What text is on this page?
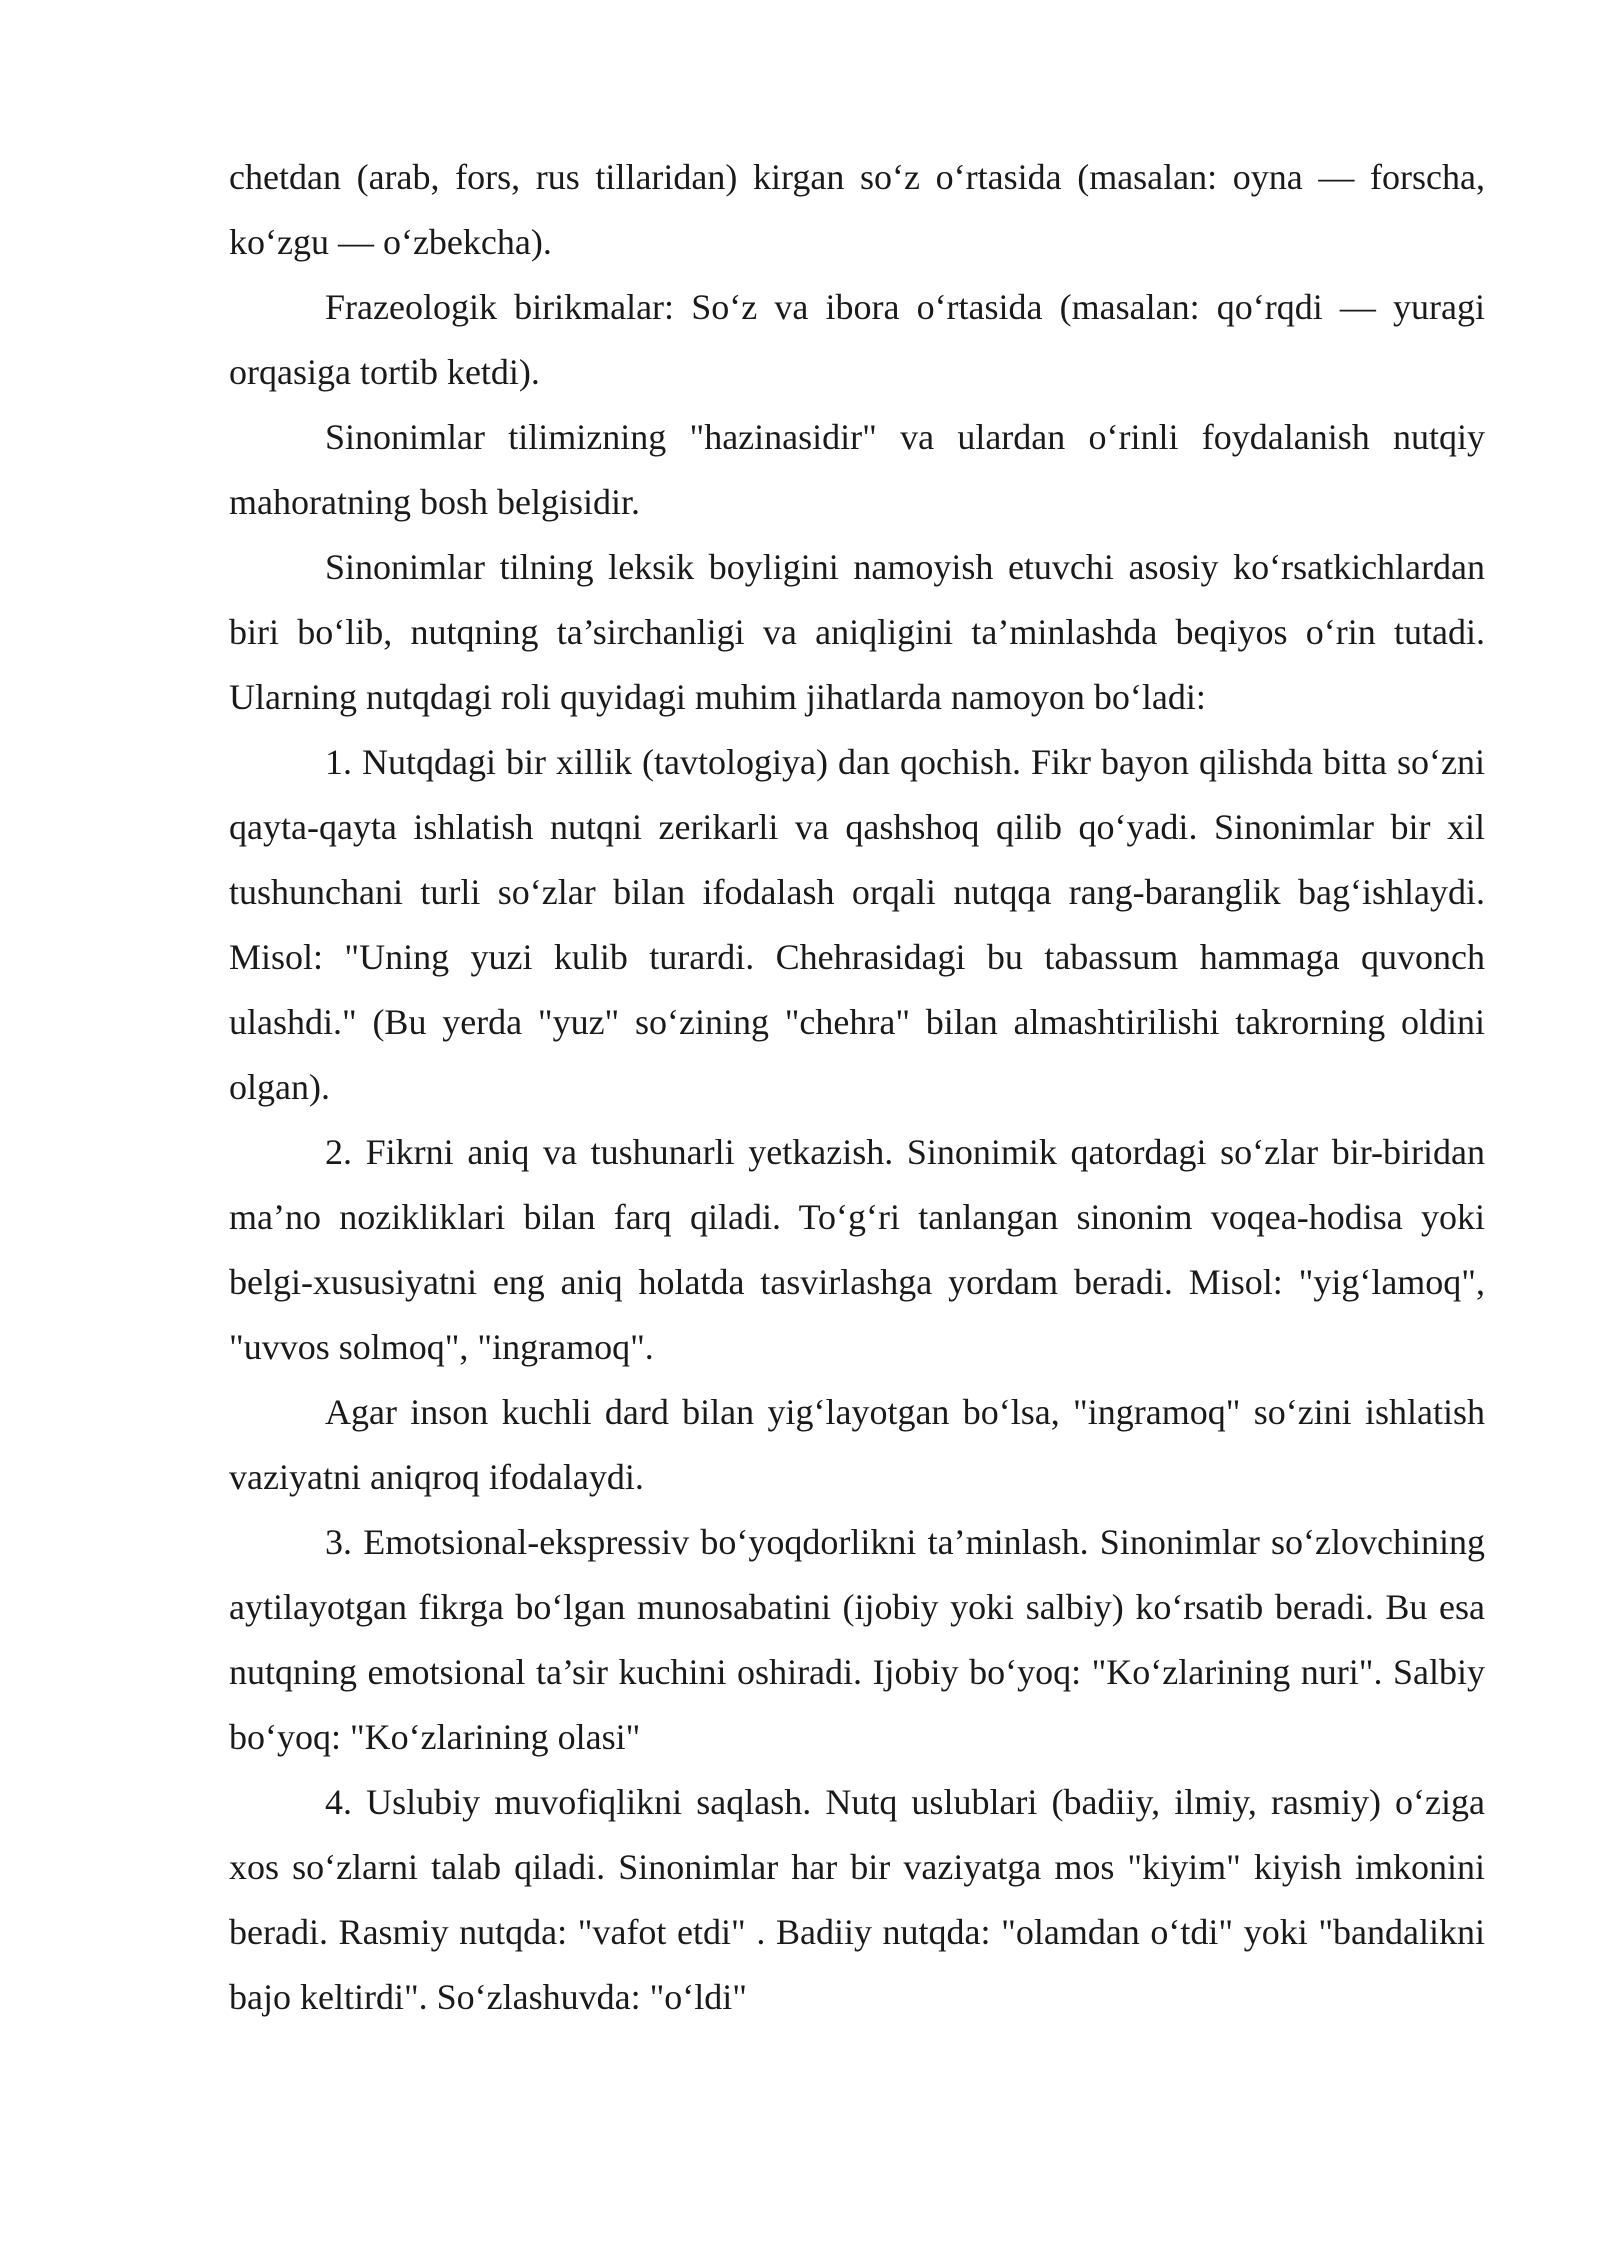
chetdan (arab, fors, rus tillaridan) kirgan so‘z o‘rtasida (masalan: oyna — forscha, ko‘zgu — o‘zbekcha).

Frazeologik birikmalar: So‘z va ibora o‘rtasida (masalan: qo‘rqdi — yuragi orqasiga tortib ketdi).

Sinonimlar tilimizning "hazinasidir" va ulardan o‘rinli foydalanish nutqiy mahoratning bosh belgisidir.

Sinonimlar tilning leksik boyligini namoyish etuvchi asosiy ko‘rsatkichlardan biri bo‘lib, nutqning ta’sirchanligi va aniqligini ta’minlashda beqiyos o‘rin tutadi. Ularning nutqdagi roli quyidagi muhim jihatlarda namoyon bo‘ladi:

1. Nutqdagi bir xillik (tavtologiya) dan qochish. Fikr bayon qilishda bitta so‘zni qayta-qayta ishlatish nutqni zerikarli va qashshoq qilib qo‘yadi. Sinonimlar bir xil tushunchani turli so‘zlar bilan ifodalash orqali nutqqa rang-baranglik bag‘ishlaydi. Misol: "Uning yuzi kulib turardi. Chehrasidagi bu tabassum hammaga quvonch ulashdi." (Bu yerda "yuz" so‘zining "chehra" bilan almashtirilishi takrorning oldini olgan).

2. Fikrni aniq va tushunarli yetkazish. Sinonimik qatordagi so‘zlar bir-biridan ma’no nozikliklari bilan farq qiladi. To‘g‘ri tanlangan sinonim voqea-hodisa yoki belgi-xususiyatni eng aniq holatda tasvirlashga yordam beradi. Misol: "yig‘lamoq", "uvvos solmoq", "ingramoq".

Agar inson kuchli dard bilan yig‘layotgan bo‘lsa, "ingramoq" so‘zini ishlatish vaziyatni aniqroq ifodalaydi.

3. Emotsional-ekspressiv bo‘yoqdorlikni ta’minlash. Sinonimlar so‘zlovchining aytilayotgan fikrga bo‘lgan munosabatini (ijobiy yoki salbiy) ko‘rsatib beradi. Bu esa nutqning emotsional ta’sir kuchini oshiradi. Ijobiy bo‘yoq: "Ko‘zlarining nuri". Salbiy bo‘yoq: "Ko‘zlarining olasi"

4. Uslubiy muvofiqlikni saqlash. Nutq uslublari (badiiy, ilmiy, rasmiy) o‘ziga xos so‘zlarni talab qiladi. Sinonimlar har bir vaziyatga mos "kiyim" kiyish imkonini beradi. Rasmiy nutqda: "vafot etdi" . Badiiy nutqda: "olamdan o‘tdi" yoki "bandalikni bajo keltirdi". So‘zlashuvda: "o‘ldi"
